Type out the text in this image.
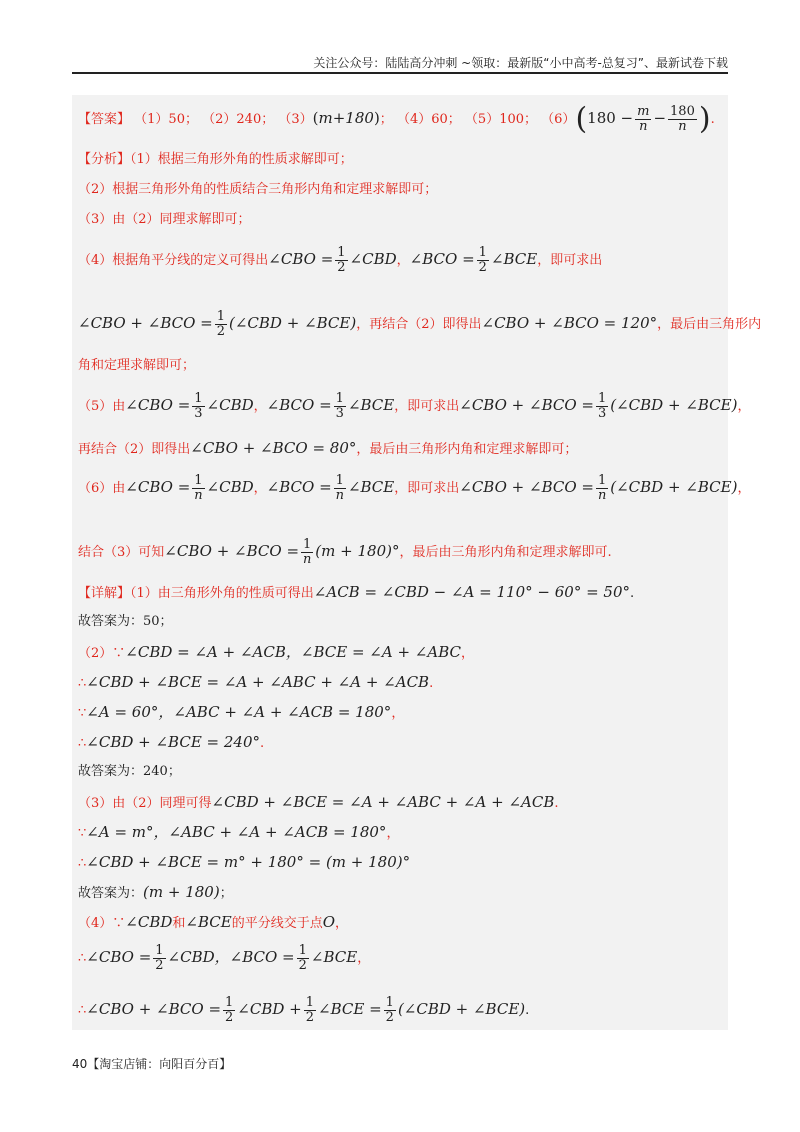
关注公众号：陆陆高分冲刺 ~领取：最新版“小中高考-总复习”、最新试卷下载
【答案】 （1）50； （2）240； （3）(m+180)； （4）60； （5）100； $(6)(180 - \frac{m}{n} - \frac{180}{n}$ ).
【分析】（1）根据三角形外角的性质求解即可；
（2）根据三角形外角的性质结合三角形内角和定理求解即可；
（3）由（2）同理求解即可；
（4）根据角平分线的定义可得出∠CBO = $\frac{1}{2}$ ∠CBD，∠BCO = $\frac{1}{2}$ ∠BCE，即可求出
∠CBO + ∠BCO = $\frac{1}{2}$ (∠CBD + ∠BCE)，再结合（2）即得出∠CBO + ∠BCO = 120°，最后由三角形内
角和定理求解即可；
（5）由∠CBO = $\frac{1}{3}$ ∠CBD，∠BCO = $\frac{1}{3}$ ∠BCE，即可求出∠CBO + ∠BCO = $\frac{1}{3}$ (∠CBD + ∠BCE)，
再结合（2）即得出∠CBO + ∠BCO = 80°，最后由三角形内角和定理求解即可；
（6）由∠CBO = $\frac{1}{n}$ ∠CBD，∠BCO = $\frac{1}{n}$ ∠BCE，即可求出∠CBO + ∠BCO = $\frac{1}{n}$ (∠CBD + ∠BCE)，
结合（3）可知∠CBO + ∠BCO = $\frac{1}{n} (m + 180)^\circ$，最后由三角形内角和定理求解即可.
【详解】（1）由三角形外角的性质可得出∠ACB = ∠CBD − ∠A = 110° − 60° = 50°.
故答案为：50；
（2）∵∠CBD = ∠A + ∠ACB，∠BCE = ∠A + ∠ABC，
∴∠CBD + ∠BCE = ∠A + ∠ABC + ∠A + ∠ACB.
∵∠A = 60°，∠ABC + ∠A + ∠ACB = 180°，
∴∠CBD + ∠BCE = 240°.
故答案为：240；
（3）由（2）同理可得∠CBD + ∠BCE = ∠A + ∠ABC + ∠A + ∠ACB.
∵∠A = m°，∠ABC + ∠A + ∠ACB = 180°，
∴∠CBD + ∠BCE = m° + 180° = (m + 180)°
故答案为：(m + 180)；
（4）∵∠CBD和∠BCE的平分线交于点O，
∴∠CBO = $\frac{1}{2}$ ∠CBD，∠BCO = $\frac{1}{2}$ ∠BCE，
∴∠CBO + ∠BCO = $\frac{1}{2}$ ∠CBD + $\frac{1}{2}$ ∠BCE = $\frac{1}{2}$ (∠CBD + ∠BCE).
40【淘宝店铺：向阳百分百】
